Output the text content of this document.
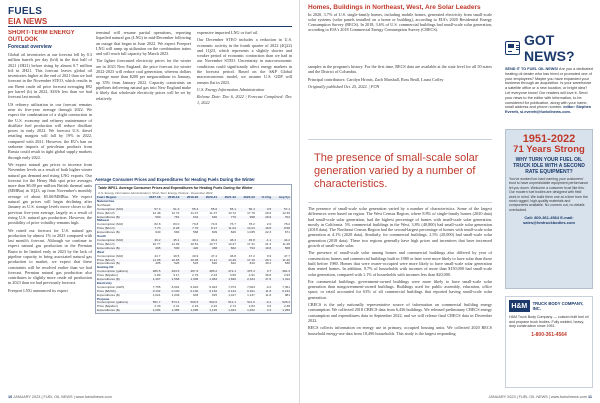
FUELS
EIA NEWS
SHORT-TERM ENERGY OUTLOOK
Forecast overview

Global oil inventories at our forecast fell by 0.3 million barrels per day (b/d) in the first half of 2021 (1H21) before rising by almost 0.7 million b/d in 2H21. This forecast leaves global oil inventories higher at the end of 2021 than we had forecast in the November STEO, which results in our Brent crude oil price forecast averaging $92 per barrel (b) in 2022, $18/b less than we had forecast last month.

US refinery utilization in our forecast remains near its five-year average through 2022. We expect the combination of a slight contraction in the U.S. economy and refinery maintenance of distillate fuel production will reduce distillate prices in early 2022. We forecast U.S. diesel retailing margins will fall by 19% in 2022, compared with 2021. However, the EU's ban on seaborne imports of petroleum products from Russia could result in tight global supply markets through early 2022.

We expect natural gas prices to increase from November levels as a result of both higher winter natural gas demand and rising LNG exports. Our forecast for the Henry Hub spot price averages more than $6.00 per million British thermal units (MMBtu) in 1Q23, up from November's monthly average of about $5.60/MMBtu. We expect natural gas prices will begin declining after January as U.S. storage levels move closer to the previous five-year average, largely as a result of rising U.S. natural gas production. However, the possibility of price volatility remains high.

We raised our forecast for U.S. natural gas production by almost 1% in 2023 compared with last month's forecast. Although we continue to expect natural gas production in the Permian Basin to be limited early in 2023 by the lack of pipeline capacity to bring associated natural gas production to market, we expect that these constraints will be resolved earlier than we had forecast. Permian natural gas production also contributes to slightly more crude oil production in 2023 than we had previously forecast.

Freeport LNG announced its export

terminal will resume partial operations, reporting liquefied natural gas (LNG) in mid-December following an outage that began in June 2022. We expect Freeport LNG will ramp up utilization on the combination trains and will reach full capacity by March 2023.

The lighter forecasted electricity prices for the winter are in 2023 New England, the price forecast for winter 2022-2023 will reduce coal generation, whereas dollars average more than $200 per megawatthour in January, up 35% from January 2022. Capacity constraints on pipelines delivering natural gas into New England make it likely that wholesale electricity prices will be set by relatively

expensive imported LNG or fuel oil.

Our December STEO includes a reduction in U.S. economic activity in the fourth quarter of 2022 (4Q22) and 1Q23, which represents a slightly shorter and weaker period of economic contraction than we had in our November STEO. Uncertainty in macroeconomic conditions could significantly affect energy markets in the forecast period. Based on the S&P Global macroeconomic model, we assume U.S. GDP will remain flat in 2023.

U.S. Energy Information Administration

Release Date: Dec 6, 2022 | Forecast Completed: Dec 1, 2022

Average Consumer Prices and Expenditures for Heating Fuels During the Winter
Table WF01. Average Consumer Prices and Expenditures for Heating Fuels During the Winter
U.S. Energy Information Administration | Short-Term Energy Outlook - December 2022
Fuel / Region	2017-18	2018-19	2019-20	2020-21	2021-22	2022-23	% Chg	Avg 5yr
Natural Gas								
Northeast								
Consumption (Mcf)	57.3	61.3	55.3	55.6	56.1	56.4	0.5	57.1
Price ($/mcf)	12.48	12.74	11.47	11.37	13.72	17.79	29.6	12.36
Expenditures ($)	690	781	634	630	770	998	29.6	704
Midwest								
Consumption (Mcf)	82.8	83.0	73.8	74.6	76.7	78.2	2.0	78.2
Price ($/mcf)	7.73	8.28	7.70	8.17	11.04	13.23	19.8	8.58
Expenditures ($)	640	690	568	609	846	1,035	22.3	671
South								
Consumption (Mcf)	46.2	45.1	40.1	43.4	46.3	45.8	-1.1	44.2
Price ($/mcf)	10.77	11.09	10.51	10.77	14.27	17.31	21.3	11.48
Expenditures ($)	498	500	420	468	662	793	19.8	508
West								
Consumption (Mcf)	44.7	49.5	49.9	47.4	46.8	47.2	0.9	47.7
Price ($/mcf)	11.08	10.63	10.48	11.11	13.29	17.16	29.1	11.32
Expenditures ($)	495	526	523	526	622	810	30.2	538
Heating Oil								
Consumption (gallons)	486.5	494.6	467.9	485.2	472.1	475.4	0.7	481.3
Price ($/gallon)	2.89	3.17	2.79	2.23	3.59	4.91	36.8	2.93
Expenditures ($)	1,407	1,568	1,306	1,083	1,696	2,334	37.6	1,412
Electricity								
Consumption (kWh)	7,755	8,091	6,942	6,943	7,074	7,063	-0.2	7,361
Price ($/kWh)	0.132	0.130	0.130	0.132	0.144	0.161	11.8	0.134
Expenditures ($)	1,021	1,049	903	915	1,017	1,137	11.8	981
Propane								
Consumption (gallons)	551.7	574.4	500.5	502.6	512.1	511.6	-0.1	528.3
Price ($/gallon)	2.33	2.41	2.19	2.24	2.74	2.84	3.6	2.38
Expenditures ($)	1,284	1,385	1,095	1,125	1,404	1,452	3.4	1,259
10 JANUARY 2023 | FUEL OIL NEWS | www.fueloilnews.com
Homes, Buildings in Northeast, West, Are Solar Leaders

In 2020, 3.7% of U.S. single-family homes, including mobile homes, generated electricity from small-scale solar systems (solar panels installed on a home or building), according to EIA's 2020 Residential Energy Consumption Survey (RECS). In 2018, 3.6% of U.S. commercial buildings had small-scale solar generation, according to EIA's 2018 Commercial Energy Consumption Survey (CBECS).

The presence of small-scale solar generation varied by a number of characteristics.

The presence of small-scale solar generation varied by a number of characteristics. Some of the largest differences were based on region. The West Census Region, where 8.8% of single-family homes (2020 data) had small-scale solar generation, had the highest percentage of homes with small-scale solar generation, mostly in California. 5% commercial buildings in the West, 3.8% (40,800) had small-scale solar generation (2018 data). The Northeast Census Region had the second-largest percentage of homes with small-scale solar generation at 4.1% (2020 data). Similarly, for commercial buildings, 2.5% (20,000) had small-scale solar generation (2018 data). These two regions generally have high prices and incentives that have increased growth of small-scale solar.

The presence of small-scale solar among homes and commercial buildings also differed by year of construction; homes and commercial buildings built in 1980 or later were more likely to have solar than those built before 1980. Homes that were owner-occupied were more likely to have small-scale solar generation than rented homes. In addition, 9.7% of households with incomes of more than $150,000 had small-scale solar generation, compared with 1.1% of households with incomes less than $20,000.

For commercial buildings, government-owned buildings were more likely to have small-scale solar generation than nongovernment-owned buildings. Buildings used for public assembly, education, office space, or retail accounted for 63% of all commercial buildings that reported having small-scale solar generation.

CBECS is the only nationally representative source of information on commercial building energy consumption. We collected 2018 CBECS data from 6,436 buildings. We released preliminary CBECS energy consumption and expenditures data in September 2022, and we will release final CBECS data in December 2022.

RECS collects information on energy use in primary, occupied housing units. We collected 2020 RECS household energy-use data from 18,496 households. This study is the largest responding

samples in the program's history. For the first time, RECS data are available at the state level for all 50 states and the District of Columbia.

Principal contributors: Carolyn Hronis, Zach Marshall, Ross Beall, Laura Coffey

Originally published Oct. 25, 2022. | FON

GOT NEWS?
SEND IT TO FUEL OIL NEWS! Are you a dedicated heating oil dealer who has hired or promoted one of your employees? Maybe you have expanded your business through an acquisition. Is your warehouse a satellite office or a new location, or bright idea? Let everyone know! Our readers will love it. Send your news to the editor with information, to be considered for publication, along with your name, small address and phone number. editor: Stephen Everett, sl.everett@fueloilnews.com.
1951-2022
71 Years Strong
WHY TURN YOUR FUEL OIL TRUCK IDLE WITH A SECOND RATE EQUIPMENT?
You've worked too hard earning your customers' trust to have unpredictable equipment performance let you down. Welcome a customer trust like this. Our modern fuel bodies are designed with field work in mind. We build them one at a time from the most rugged, high-quality materials and components available. No corners cut, no details overlooked.
Call: 800-361-4564 E-mail: sales@hmtruckbodies.com
H&M	TRUCK BODY COMPANY, INC.
H&M Truck Body Company — custom built fuel oil and propane truck bodies. Fully welded, heavy-duty construction since 1951.
1-800-361-4564
JANUARY 2023 | FUEL OIL NEWS | www.fueloilnews.com 11
